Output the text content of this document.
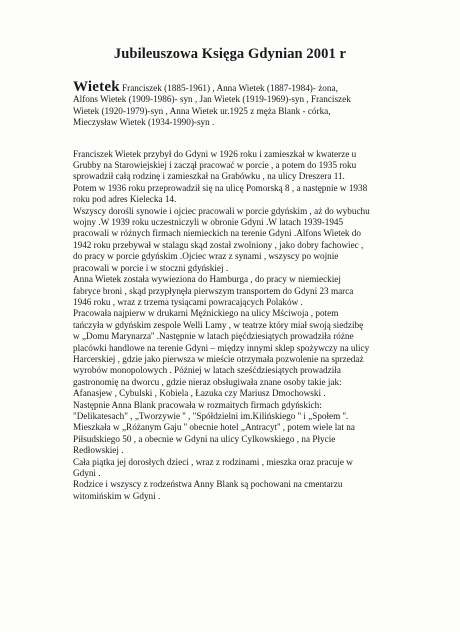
Jubileuszowa Księga Gdynian 2001 r
Wietek Franciszek (1885-1961) , Anna Wietek (1887-1984)- żona,
Alfons Wietek (1909-1986)- syn , Jan Wietek (1919-1969)-syn , Franciszek
Wietek (1920-1979)-syn , Anna Wietek ur.1925 z męża Blank - córka,
Mieczysław Wietek (1934-1990)-syn .
Franciszek Wietek przybył do Gdyni w 1926 roku i zamieszkał w kwaterze u
Grubby na Starowiejskiej i zaczął pracować w porcie , a potem do 1935 roku
sprowadził całą rodzinę i zamieszkał na Grabówku , na ulicy Dreszera 11.
Potem w 1936 roku przeprowadził się na ulicę Pomorską 8 , a następnie w 1938
roku pod adres Kielecka 14.
Wszyscy dorośli synowie i ojciec pracowali w porcie gdyńskim , aż do wybuchu
wojny .W 1939 roku uczestniczyli w obronie Gdyni .W latach 1939-1945
pracowali w różnych firmach niemieckich na terenie Gdyni .Alfons Wietek do
1942 roku przebywał w stalagu skąd został zwolniony , jako dobry fachowiec ,
do pracy w porcie gdyńskim .Ojciec wraz z synami , wszyscy po wojnie
pracowali w porcie i w stoczni gdyńskiej .
Anna Wietek została wywieziona do Hamburga , do pracy w niemieckiej
fabryce broni , skąd przypłynęła pierwszym transportem do Gdyni 23 marca
1946 roku , wraz z trzema tysiącami powracających Polaków .
Pracowała najpierw w drukarni Męźnickiego na ulicy Mściwoja , potem
tańczyła w gdyńskim zespole Welli Lamy , w teatrze który miał swoją siedzibę
w „Domu Marynarza'' .Następnie w latach pięćdziesiątych prowadziła różne
placówki handlowe na terenie Gdyni – między innymi sklep spożywczy na ulicy
Harcerskiej , gdzie jako pierwsza w mieście otrzymała pozwolenie na sprzedaż
wyrobów monopolowych . Później w latach sześćdziesiątych prowadziła
gastronomię na dworcu , gdzie nieraz obsługiwała znane osoby takie jak:
Afanasjew , Cybulski , Kobiela , Łazuka czy Mariusz Dmochowski .
Następnie Anna Blank pracowała w rozmaitych firmach gdyńskich:
"Delikatesach" , „Tworzywie '' , "Spółdzielni im.Kilińskiego '' i „Społem ''.
Mieszkała w „Różanym Gaju '' obecnie hotel „Antracyt'' , potem wiele lat na
Piłsudskiego 50 , a obecnie w Gdyni na ulicy Cylkowskiego , na Płycie
Redłowskiej .
Cała piątka jej dorosłych dzieci , wraz z rodzinami , mieszka oraz pracuje w
Gdyni .
Rodzice i wszyscy z rodzeństwa Anny Blank są pochowani na cmentarzu
witomińskim w Gdyni .
